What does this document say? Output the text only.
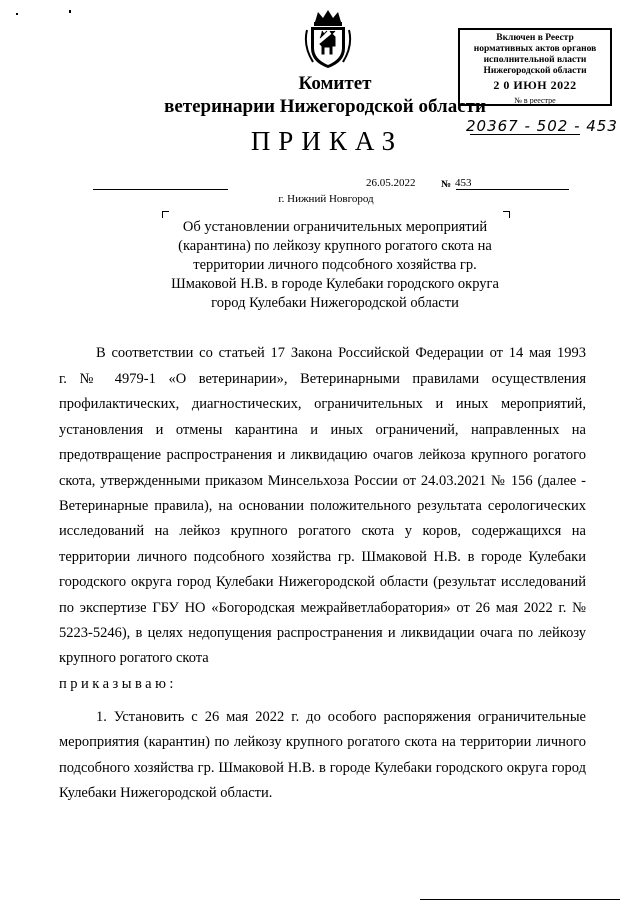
Комитет
ветеринарии Нижегородской области
Включен в Реестр
нормативных актов органов
исполнительной власти
Нижегородской области
2 0 ИЮН 2022
№ в реестре
20367 - 502 - 453
ПРИКАЗ
26.05.2022	№ 453
г. Нижний Новгород
Об установлении ограничительных мероприятий (карантина) по лейкозу крупного рогатого скота на территории личного подсобного хозяйства гр. Шмаковой Н.В. в городе Кулебаки городского округа город Кулебаки Нижегородской области
В соответствии со статьей 17 Закона Российской Федерации от 14 мая 1993
г. № 4979-1 «О ветеринарии», Ветеринарными правилами осуществления профилактических, диагностических, ограничительных и иных мероприятий, установления и отмены карантина и иных ограничений, направленных на предотвращение распространения и ликвидацию очагов лейкоза крупного рогатого скота, утвержденными приказом Минсельхоза России от 24.03.2021 № 156 (далее - Ветеринарные правила), на основании положительного результата серологических исследований на лейкоз крупного рогатого скота у коров, содержащихся на территории личного подсобного хозяйства гр. Шмаковой Н.В. в городе Кулебаки городского округа город Кулебаки Нижегородской области (результат исследований по экспертизе ГБУ НО «Богородская межрайветлаборатория» от 26 мая 2022 г. № 5223-5246), в целях недопущения распространения и ликвидации очага по лейкозу крупного рогатого скота
приказываю:
1. Установить с 26 мая 2022 г. до особого распоряжения ограничительные мероприятия (карантин) по лейкозу крупного рогатого скота на территории личного подсобного хозяйства гр. Шмаковой Н.В. в городе Кулебаки городского округа город Кулебаки Нижегородской области.
